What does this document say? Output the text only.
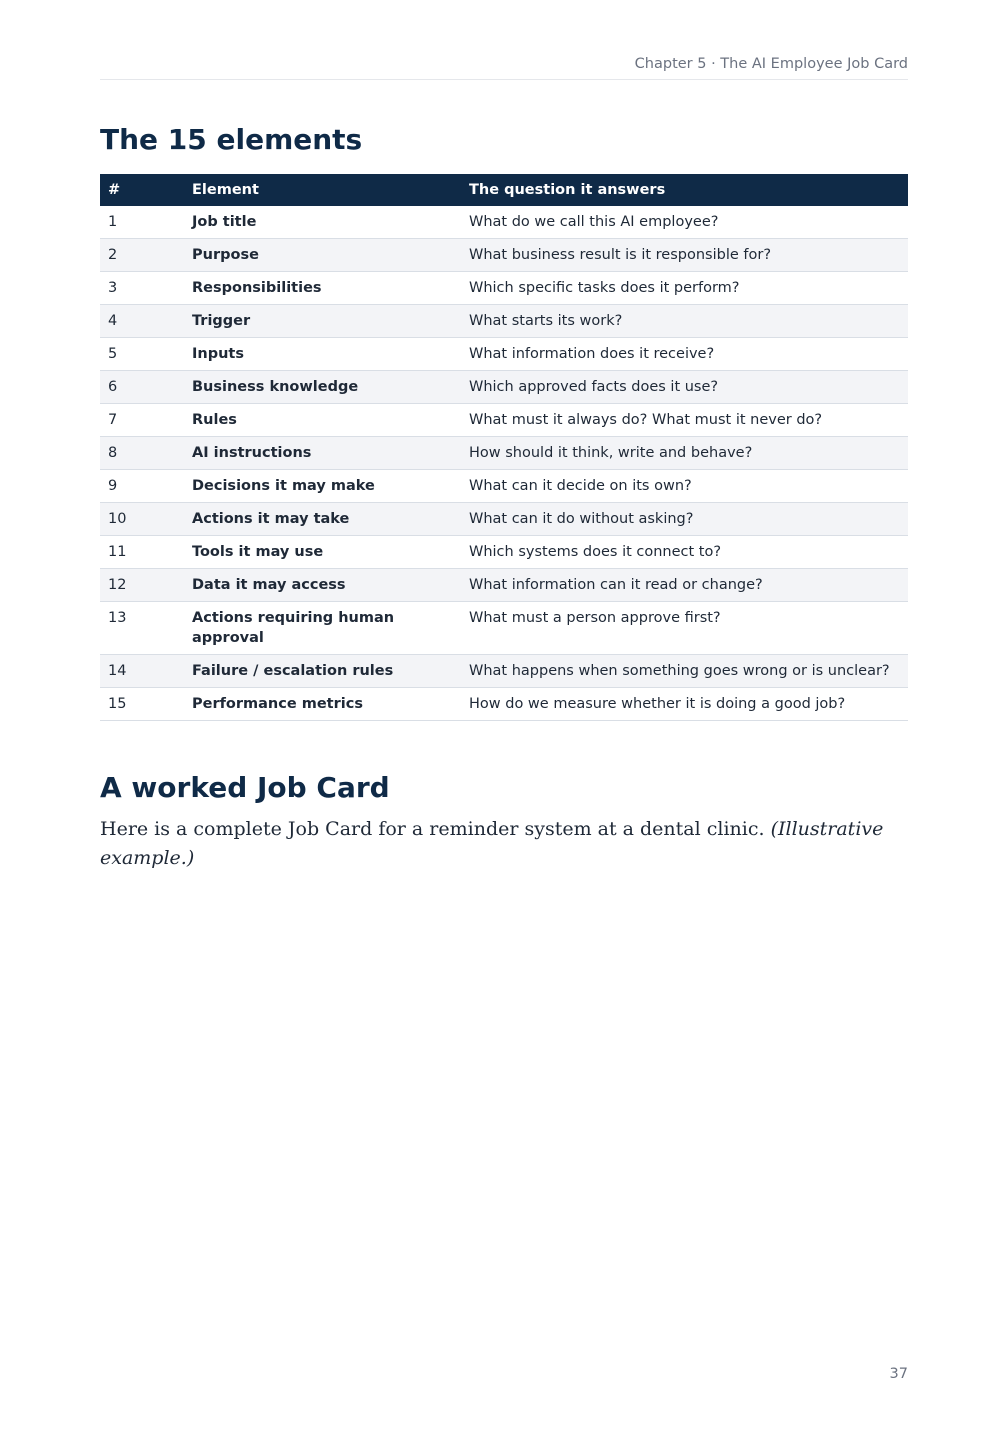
Chapter 5 · The AI Employee Job Card
The 15 elements
#	Element	The question it answers
1	Job title	What do we call this AI employee?
2	Purpose	What business result is it responsible for?
3	Responsibilities	Which specific tasks does it perform?
4	Trigger	What starts its work?
5	Inputs	What information does it receive?
6	Business knowledge	Which approved facts does it use?
7	Rules	What must it always do? What must it never do?
8	AI instructions	How should it think, write and behave?
9	Decisions it may make	What can it decide on its own?
10	Actions it may take	What can it do without asking?
11	Tools it may use	Which systems does it connect to?
12	Data it may access	What information can it read or change?
13	Actions requiring human approval	What must a person approve first?
14	Failure / escalation rules	What happens when something goes wrong or is unclear?
15	Performance metrics	How do we measure whether it is doing a good job?
A worked Job Card

Here is a complete Job Card for a reminder system at a dental clinic. (Illustrative example.)

37
